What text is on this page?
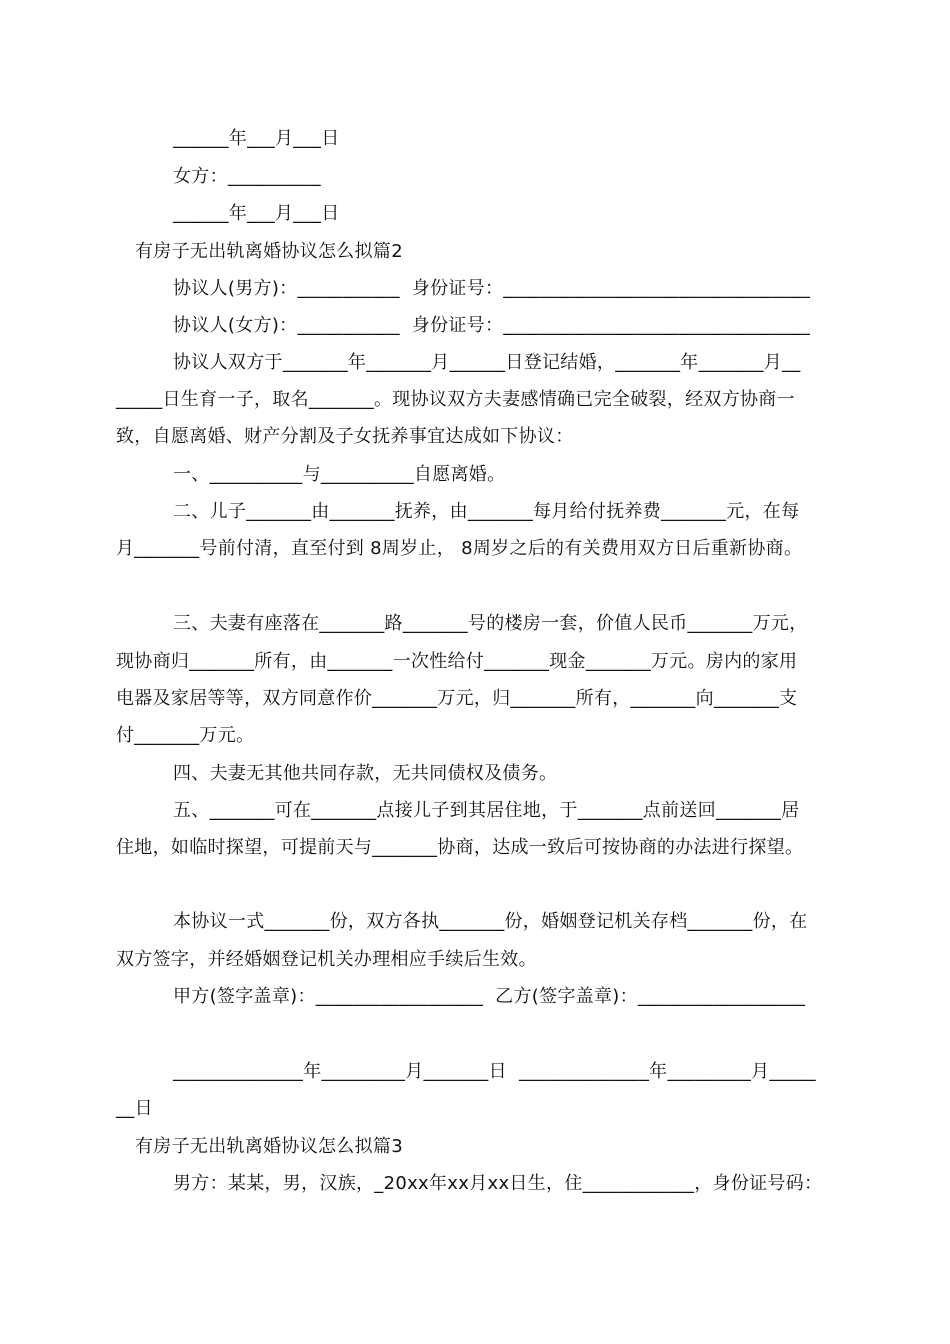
______年___月___日
女方：__________
______年___月___日
有房子无出轨离婚协议怎么拟篇2
协议人(男方)：___________  身份证号：_________________________________
协议人(女方)：___________  身份证号：_________________________________
协议人双方于_______年_______月______日登记结婚，_______年_______月__
_____日生育一子，取名_______。现协议双方夫妻感情确已完全破裂，经双方协商一
致，自愿离婚、财产分割及子女抚养事宜达成如下协议：
一、__________与__________自愿离婚。
二、儿子_______由_______抚养，由_______每月给付抚养费_______元，在每
月_______号前付清，直至付到 8周岁止， 8周岁之后的有关费用双方日后重新协商。
三、夫妻有座落在_______路_______号的楼房一套，价值人民币_______万元，
现协商归_______所有，由_______一次性给付_______现金_______万元。房内的家用
电器及家居等等，双方同意作价_______万元，归_______所有，_______向_______支
付_______万元。
四、夫妻无其他共同存款，无共同债权及债务。
五、_______可在_______点接儿子到其居住地，于_______点前送回_______居
住地，如临时探望，可提前天与_______协商，达成一致后可按协商的办法进行探望。
本协议一式_______份，双方各执_______份，婚姻登记机关存档_______份，在
双方签字，并经婚姻登记机关办理相应手续后生效。
甲方(签字盖章)：__________________  乙方(签字盖章)：__________________
______________年_________月_______日  ______________年_________月_____
__日
有房子无出轨离婚协议怎么拟篇3
男方：某某，男，汉族，_20xx年xx月xx日生，住____________，身份证号码：
